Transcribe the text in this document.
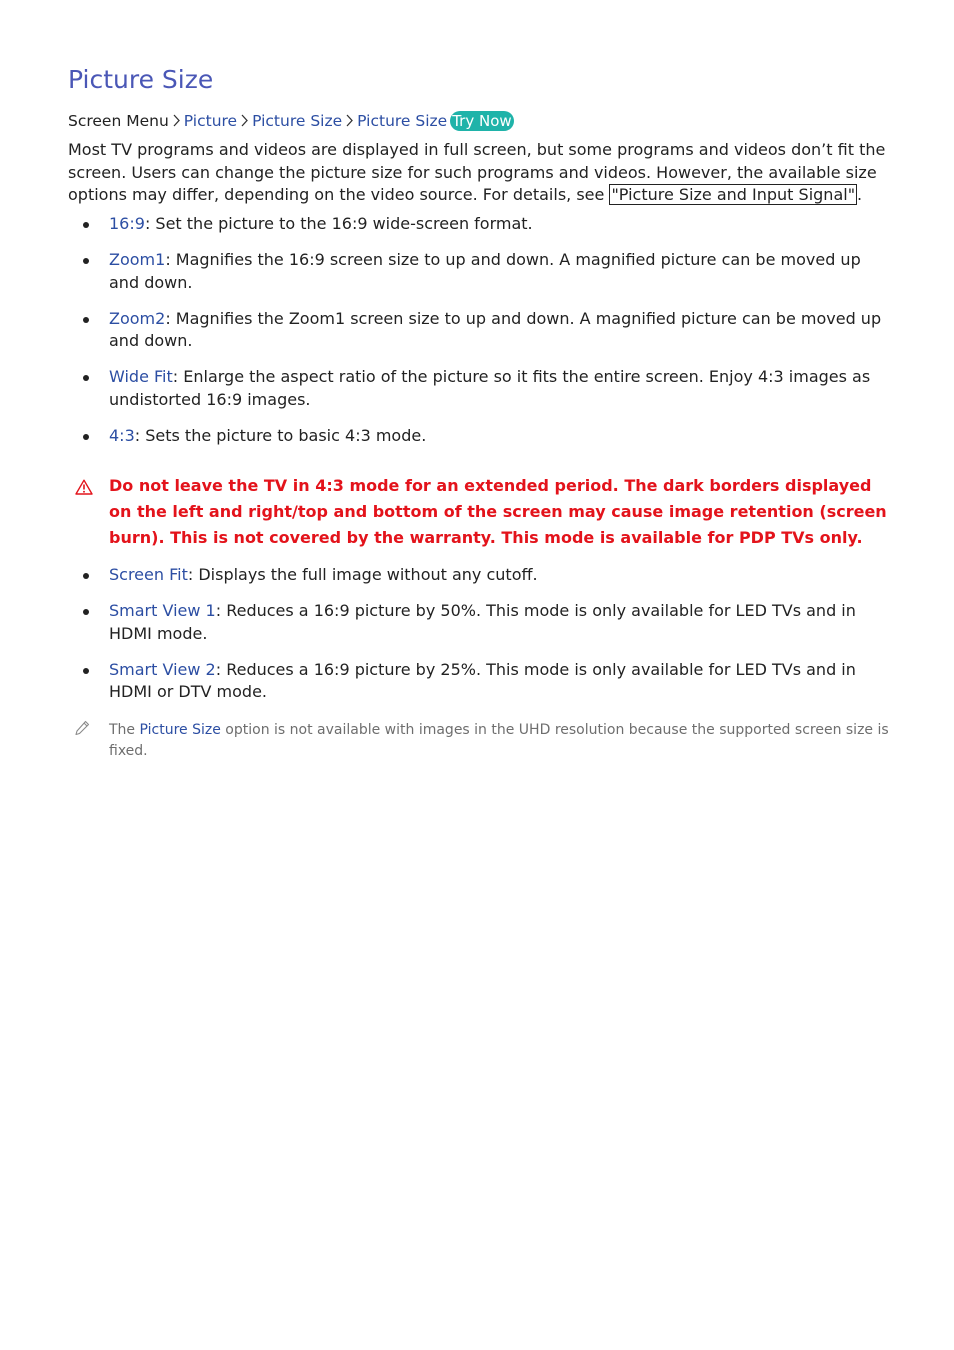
Picture Size
Screen Menu Picture Picture Size Picture Size Try Now

Most TV programs and videos are displayed in full screen, but some programs and videos don’t fit the screen. Users can change the picture size for such programs and videos. However, the available size options may differ, depending on the video source. For details, see "Picture Size and Input Signal" .

16:9: Set the picture to the 16:9 wide-screen format.
Zoom1: Magnifies the 16:9 screen size to up and down. A magnified picture can be moved up and down.
Zoom2: Magnifies the Zoom1 screen size to up and down. A magnified picture can be moved up and down.
Wide Fit: Enlarge the aspect ratio of the picture so it fits the entire screen. Enjoy 4:3 images as undistorted 16:9 images.
4:3: Sets the picture to basic 4:3 mode.
Do not leave the TV in 4:3 mode for an extended period. The dark borders displayed on the left and right/top and bottom of the screen may cause image retention (screen burn). This is not covered by the warranty. This mode is available for PDP TVs only.
Screen Fit: Displays the full image without any cutoff.
Smart View 1: Reduces a 16:9 picture by 50%. This mode is only available for LED TVs and in HDMI mode.
Smart View 2: Reduces a 16:9 picture by 25%. This mode is only available for LED TVs and in HDMI or DTV mode.
The Picture Size option is not available with images in the UHD resolution because the supported screen size is fixed.
